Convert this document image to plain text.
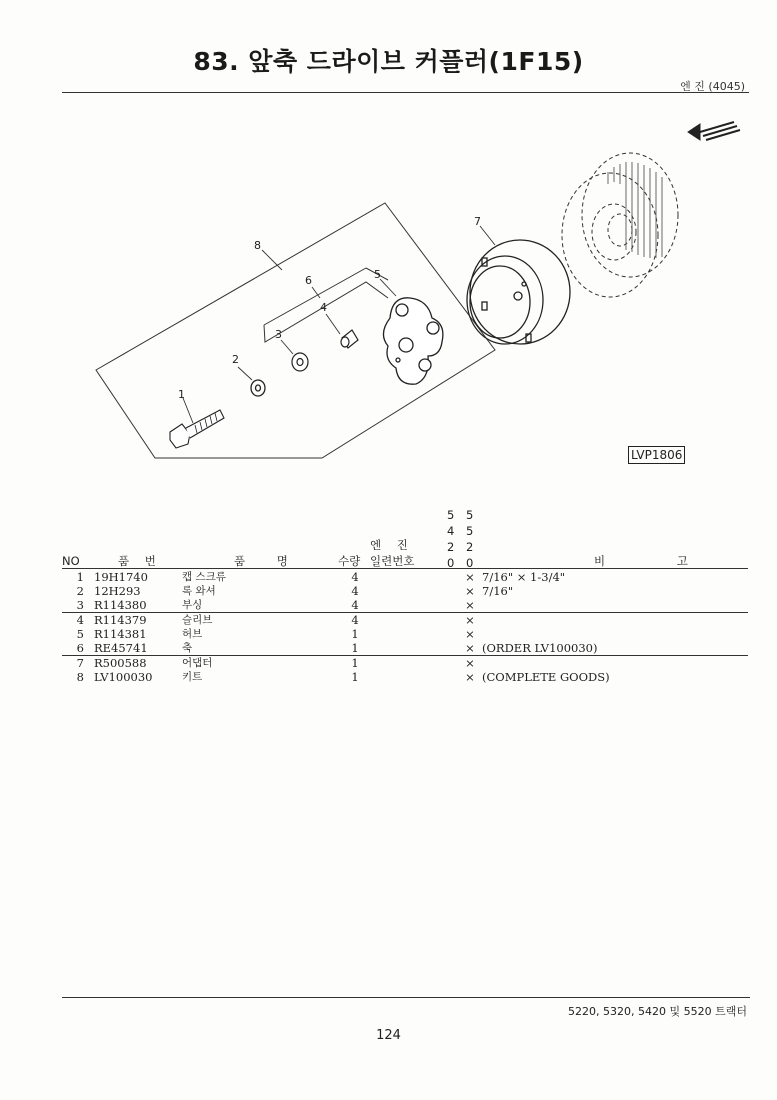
83. 앞축 드라이브 커플러(1F15)
엔 진 (4045)
1
2
3
4
5
6
7
8
LVP1806
5
4
2
0
5
5
2
0
엔 진
NO	품 번	품 명	수량 일련번호	비 고
1 19H1740	캡 스크류	4	× 7/16" × 1-3/4"
2 12H293	록 와셔	4	× 7/16"
3 R114380	부싱	4	×
4 R114379	슬리브	4	×
5 R114381	허브	1	×
6 RE45741	축	1	× (ORDER LV100030)
7 R500588	어댑터	1	×
8 LV100030	키트	1	× (COMPLETE GOODS)
5220, 5320, 5420 및 5520 트랙터
124
